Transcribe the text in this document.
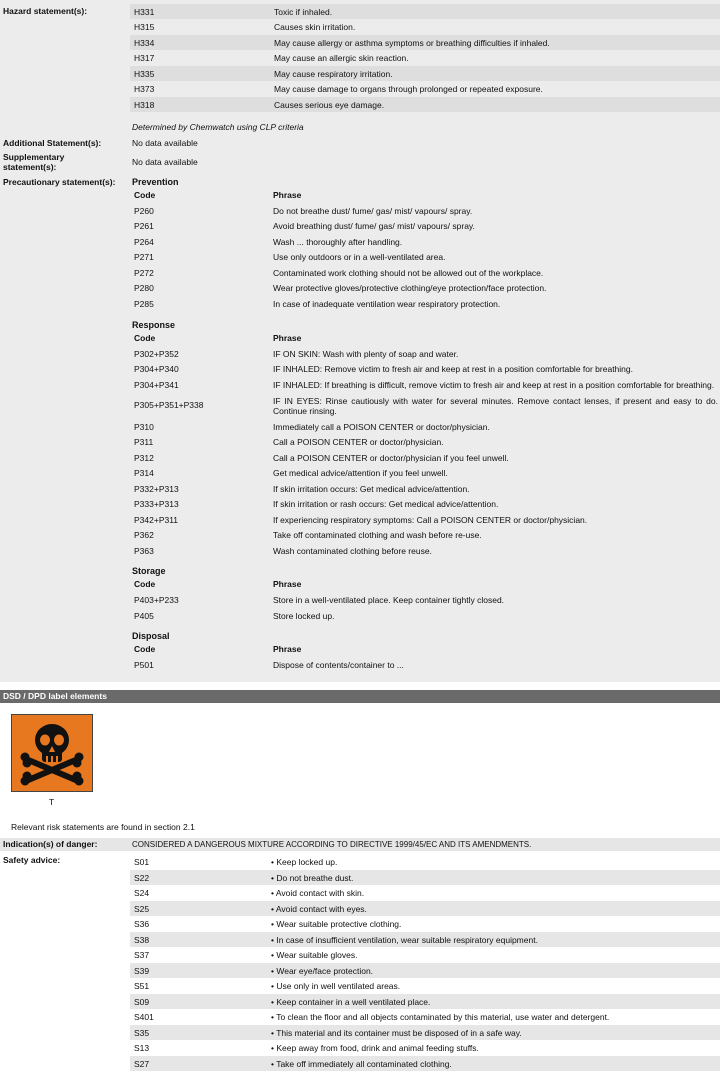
Hazard statement(s):	H331	Toxic if inhaled.
H315	Causes skin irritation.
H334	May cause allergy or asthma symptoms or breathing difficulties if inhaled.
H317	May cause an allergic skin reaction.
H335	May cause respiratory irritation.
H373	May cause damage to organs through prolonged or repeated exposure.
H318	Causes serious eye damage.
Determined by Chemwatch using CLP criteria
Additional Statement(s):	No data available
Supplementary
statement(s):	No data available
Precautionary statement(s): Prevention
Code	Phrase
P260	Do not breathe dust/ fume/ gas/ mist/ vapours/ spray.
P261	Avoid breathing dust/ fume/ gas/ mist/ vapours/ spray.
P264	Wash ... thoroughly after handling.
P271	Use only outdoors or in a well-ventilated area.
P272	Contaminated work clothing should not be allowed out of the workplace.
P280	Wear protective gloves/protective clothing/eye protection/face protection.
P285	In case of inadequate ventilation wear respiratory protection.
Response
Code	Phrase
P302+P352	IF ON SKIN: Wash with plenty of soap and water.
P304+P340	IF INHALED: Remove victim to fresh air and keep at rest in a position comfortable for breathing.
P304+P341	IF INHALED: If breathing is difficult, remove victim to fresh air and keep at rest in a position comfortable for breathing.
P305+P351+P338	IF IN EYES: Rinse cautiously with water for several minutes. Remove contact lenses, if present and easy to do. Continue rinsing.
P310	Immediately call a POISON CENTER or doctor/physician.
P311	Call a POISON CENTER or doctor/physician.
P312	Call a POISON CENTER or doctor/physician if you feel unwell.
P314	Get medical advice/attention if you feel unwell.
P332+P313	If skin irritation occurs: Get medical advice/attention.
P333+P313	If skin irritation or rash occurs: Get medical advice/attention.
P342+P311	If experiencing respiratory symptoms: Call a POISON CENTER or doctor/physician.
P362	Take off contaminated clothing and wash before re-use.
P363	Wash contaminated clothing before reuse.
Storage
Code	Phrase
P403+P233	Store in a well-ventilated place. Keep container tightly closed.
P405	Store locked up.
Disposal
Code	Phrase
P501	Dispose of contents/container to ...
DSD / DPD label elements
T
Relevant risk statements are found in section 2.1
Indication(s) of danger:	CONSIDERED A DANGEROUS MIXTURE ACCORDING TO DIRECTIVE 1999/45/EC AND ITS AMENDMENTS.
Safety advice:	S01	• Keep locked up.
S22	• Do not breathe dust.
S24	• Avoid contact with skin.
S25	• Avoid contact with eyes.
S36	• Wear suitable protective clothing.
S38	• In case of insufficient ventilation, wear suitable respiratory equipment.
S37	• Wear suitable gloves.
S39	• Wear eye/face protection.
S51	• Use only in well ventilated areas.
S09	• Keep container in a well ventilated place.
S401	• To clean the floor and all objects contaminated by this material, use water and detergent.
S35	• This material and its container must be disposed of in a safe way.
S13	• Keep away from food, drink and animal feeding stuffs.
S27	• Take off immediately all contaminated clothing.
